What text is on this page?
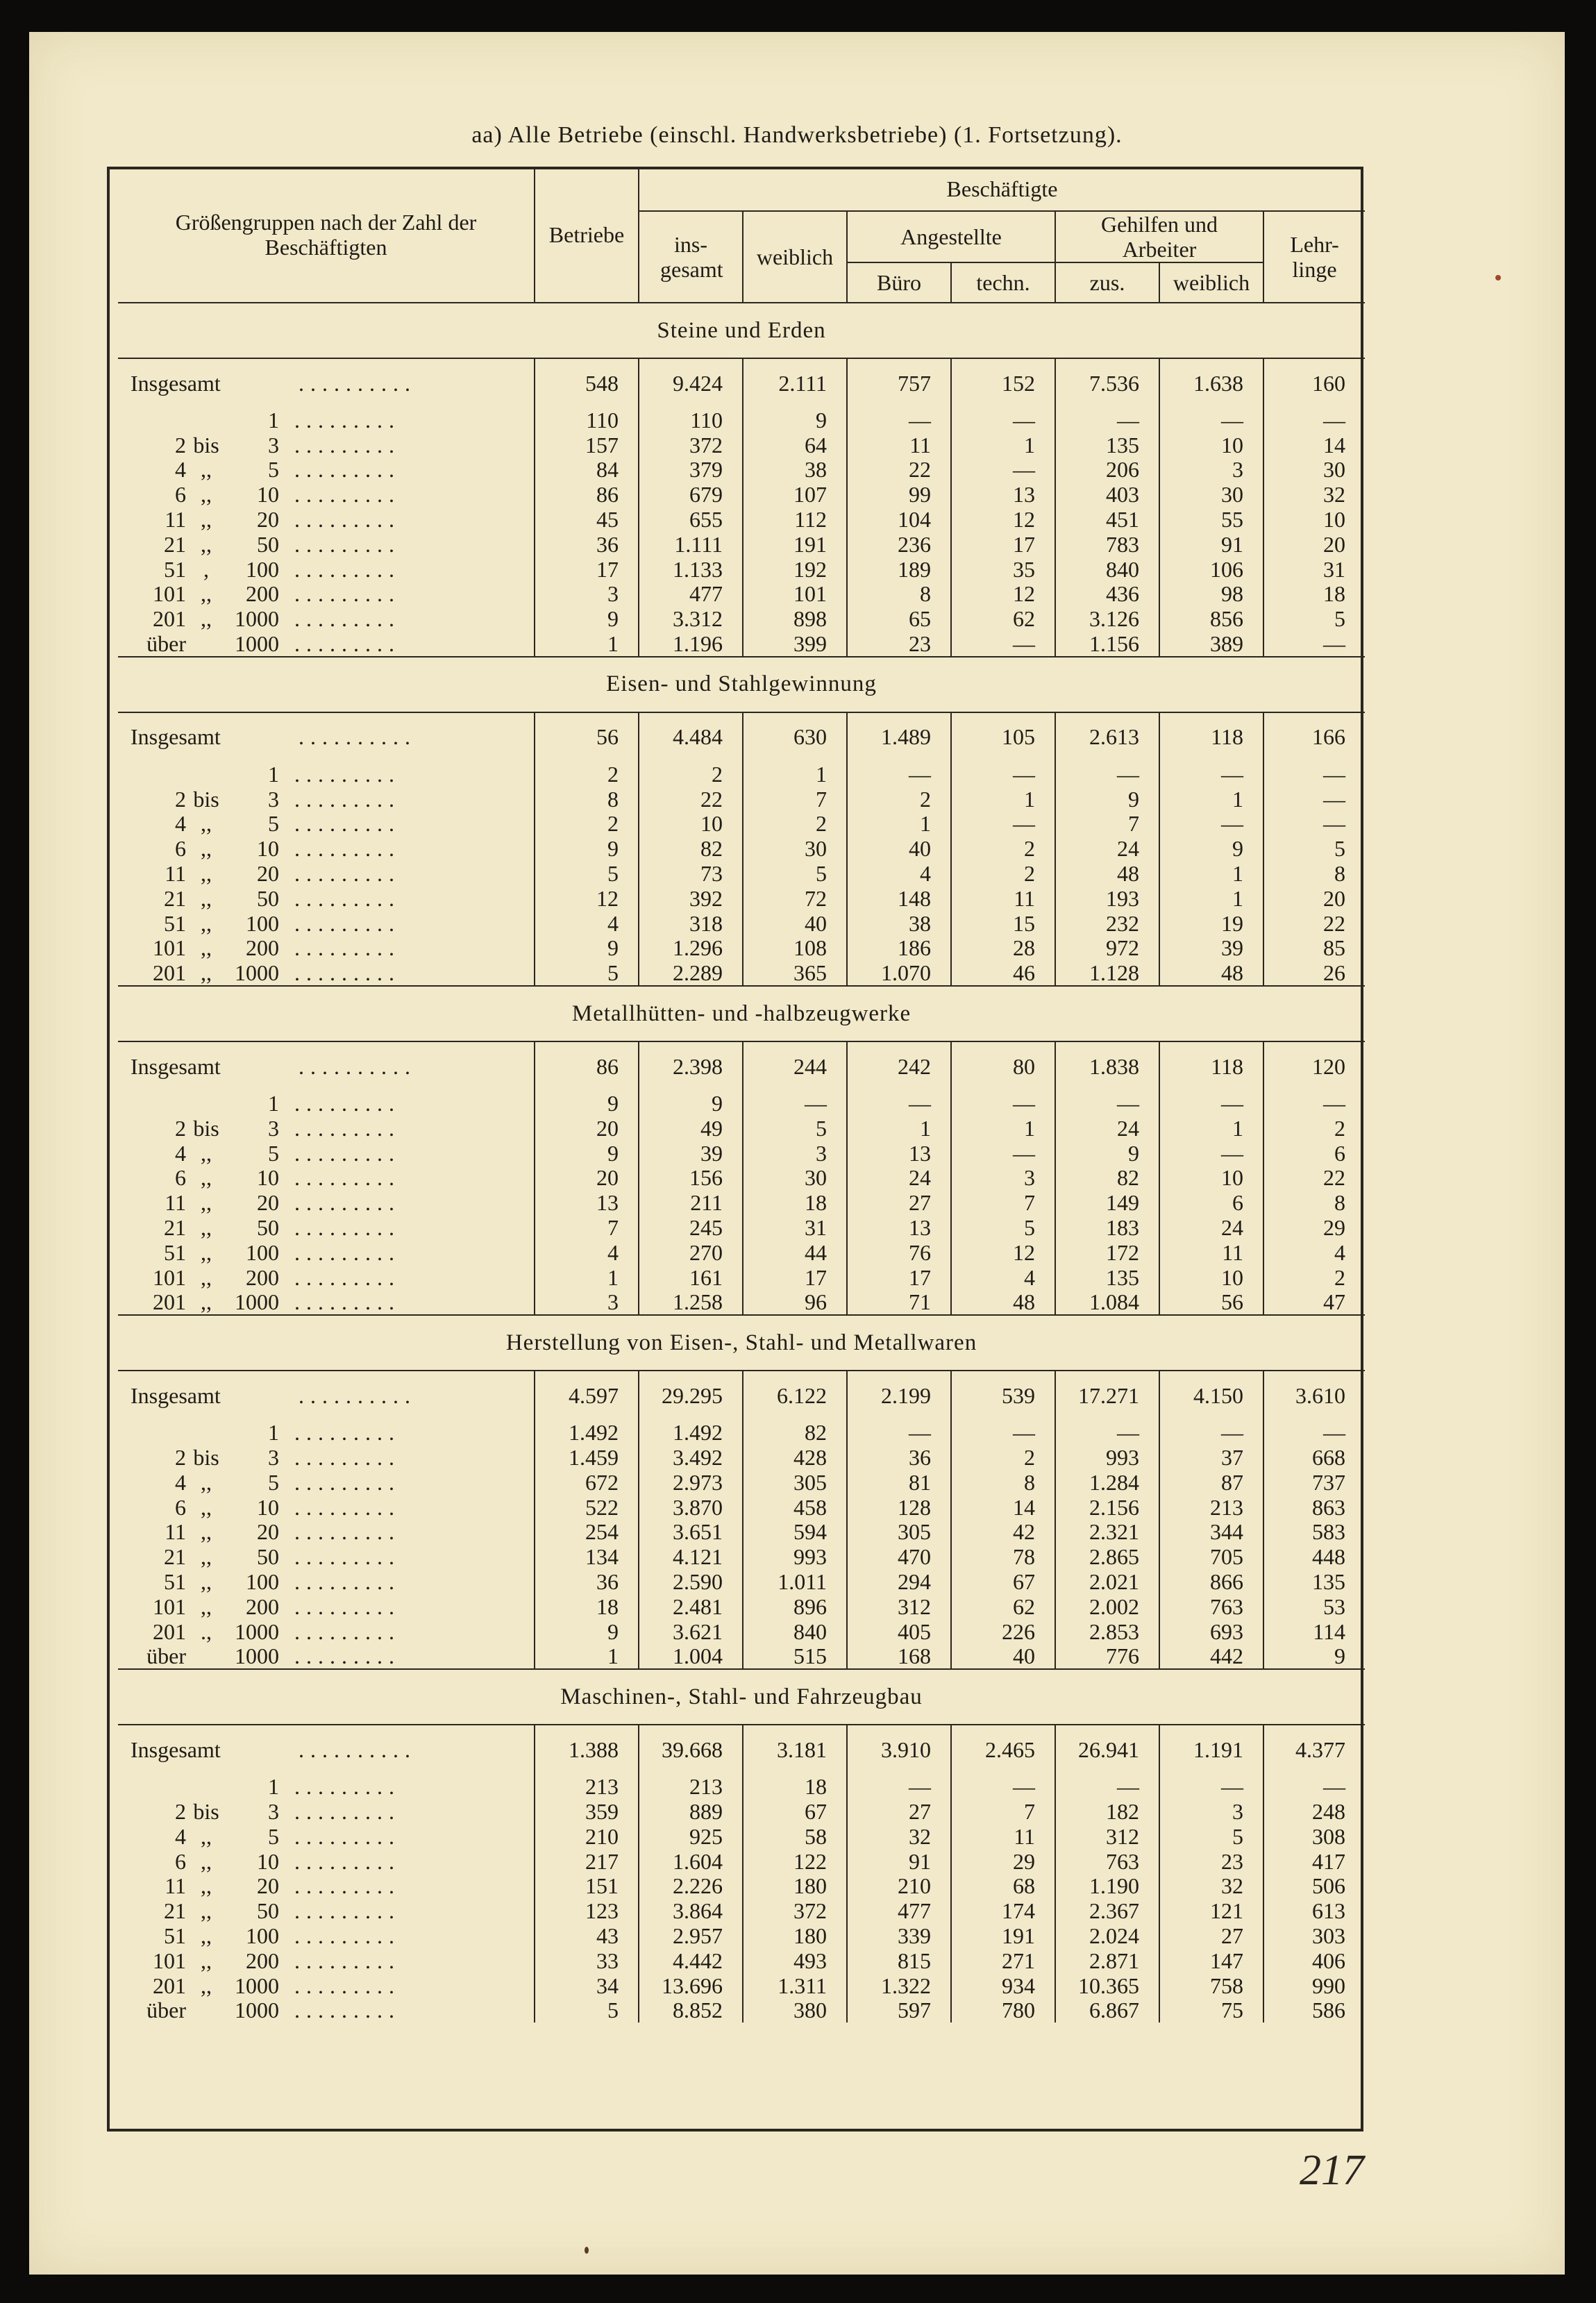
aa) Alle Betriebe (einschl. Handwerksbetriebe) (1. Fortsetzung).
217
Größengruppen nach der Zahl der Beschäftigten	Betriebe	Beschäftigte						
		ins-gesamt	weiblich	Angestellte		Gehilfen und Arbeiter		Lehr-linge
				Büro	techn.	zus.	weiblich	

Steine und Erden								
Insgesamt ..........	548	9.424	2.111	757	152	7.536	1.638	160
1 .........	110	110	9	—	—	—	—	—
2 bis 3 .........	157	372	64	11	1	135	10	14
4 ,, 5 .........	84	379	38	22	—	206	3	30
6 ,, 10 .........	86	679	107	99	13	403	30	32
11 ,, 20 .........	45	655	112	104	12	451	55	10
21 ,, 50 .........	36	1.111	191	236	17	783	91	20
51 , 100 .........	17	1.133	192	189	35	840	106	31
101 ,, 200 .........	3	477	101	8	12	436	98	18
201 ,, 1000 .........	9	3.312	898	65	62	3.126	856	5
über 1000 .........	1	1.196	399	23	—	1.156	389	—
Eisen- und Stahlgewinnung								
Insgesamt ..........	56	4.484	630	1.489	105	2.613	118	166
1 .........	2	2	1	—	—	—	—	—
2 bis 3 .........	8	22	7	2	1	9	1	—
4 ,, 5 .........	2	10	2	1	—	7	—	—
6 ,, 10 .........	9	82	30	40	2	24	9	5
11 ,, 20 .........	5	73	5	4	2	48	1	8
21 ,, 50 .........	12	392	72	148	11	193	1	20
51 ,, 100 .........	4	318	40	38	15	232	19	22
101 ,, 200 .........	9	1.296	108	186	28	972	39	85
201 ,, 1000 .........	5	2.289	365	1.070	46	1.128	48	26
Metallhütten- und -halbzeugwerke								
Insgesamt ..........	86	2.398	244	242	80	1.838	118	120
1 .........	9	9	—	—	—	—	—	—
2 bis 3 .........	20	49	5	1	1	24	1	2
4 ,, 5 .........	9	39	3	13	—	9	—	6
6 ,, 10 .........	20	156	30	24	3	82	10	22
11 ,, 20 .........	13	211	18	27	7	149	6	8
21 ,, 50 .........	7	245	31	13	5	183	24	29
51 ,, 100 .........	4	270	44	76	12	172	11	4
101 ,, 200 .........	1	161	17	17	4	135	10	2
201 ,, 1000 .........	3	1.258	96	71	48	1.084	56	47
Herstellung von Eisen-, Stahl- und Metallwaren								
Insgesamt ..........	4.597	29.295	6.122	2.199	539	17.271	4.150	3.610
1 .........	1.492	1.492	82	—	—	—	—	—
2 bis 3 .........	1.459	3.492	428	36	2	993	37	668
4 ,, 5 .........	672	2.973	305	81	8	1.284	87	737
6 ,, 10 .........	522	3.870	458	128	14	2.156	213	863
11 ,, 20 .........	254	3.651	594	305	42	2.321	344	583
21 ,, 50 .........	134	4.121	993	470	78	2.865	705	448
51 ,, 100 .........	36	2.590	1.011	294	67	2.021	866	135
101 ,, 200 .........	18	2.481	896	312	62	2.002	763	53
201 ., 1000 .........	9	3.621	840	405	226	2.853	693	114
über 1000 .........	1	1.004	515	168	40	776	442	9
Maschinen-, Stahl- und Fahrzeugbau								
Insgesamt ..........	1.388	39.668	3.181	3.910	2.465	26.941	1.191	4.377
1 .........	213	213	18	—	—	—	—	—
2 bis 3 .........	359	889	67	27	7	182	3	248
4 ,, 5 .........	210	925	58	32	11	312	5	308
6 ,, 10 .........	217	1.604	122	91	29	763	23	417
11 ,, 20 .........	151	2.226	180	210	68	1.190	32	506
21 ,, 50 .........	123	3.864	372	477	174	2.367	121	613
51 ,, 100 .........	43	2.957	180	339	191	2.024	27	303
101 ,, 200 .........	33	4.442	493	815	271	2.871	147	406
201 ,, 1000 .........	34	13.696	1.311	1.322	934	10.365	758	990
über 1000 .........	5	8.852	380	597	780	6.867	75	586
